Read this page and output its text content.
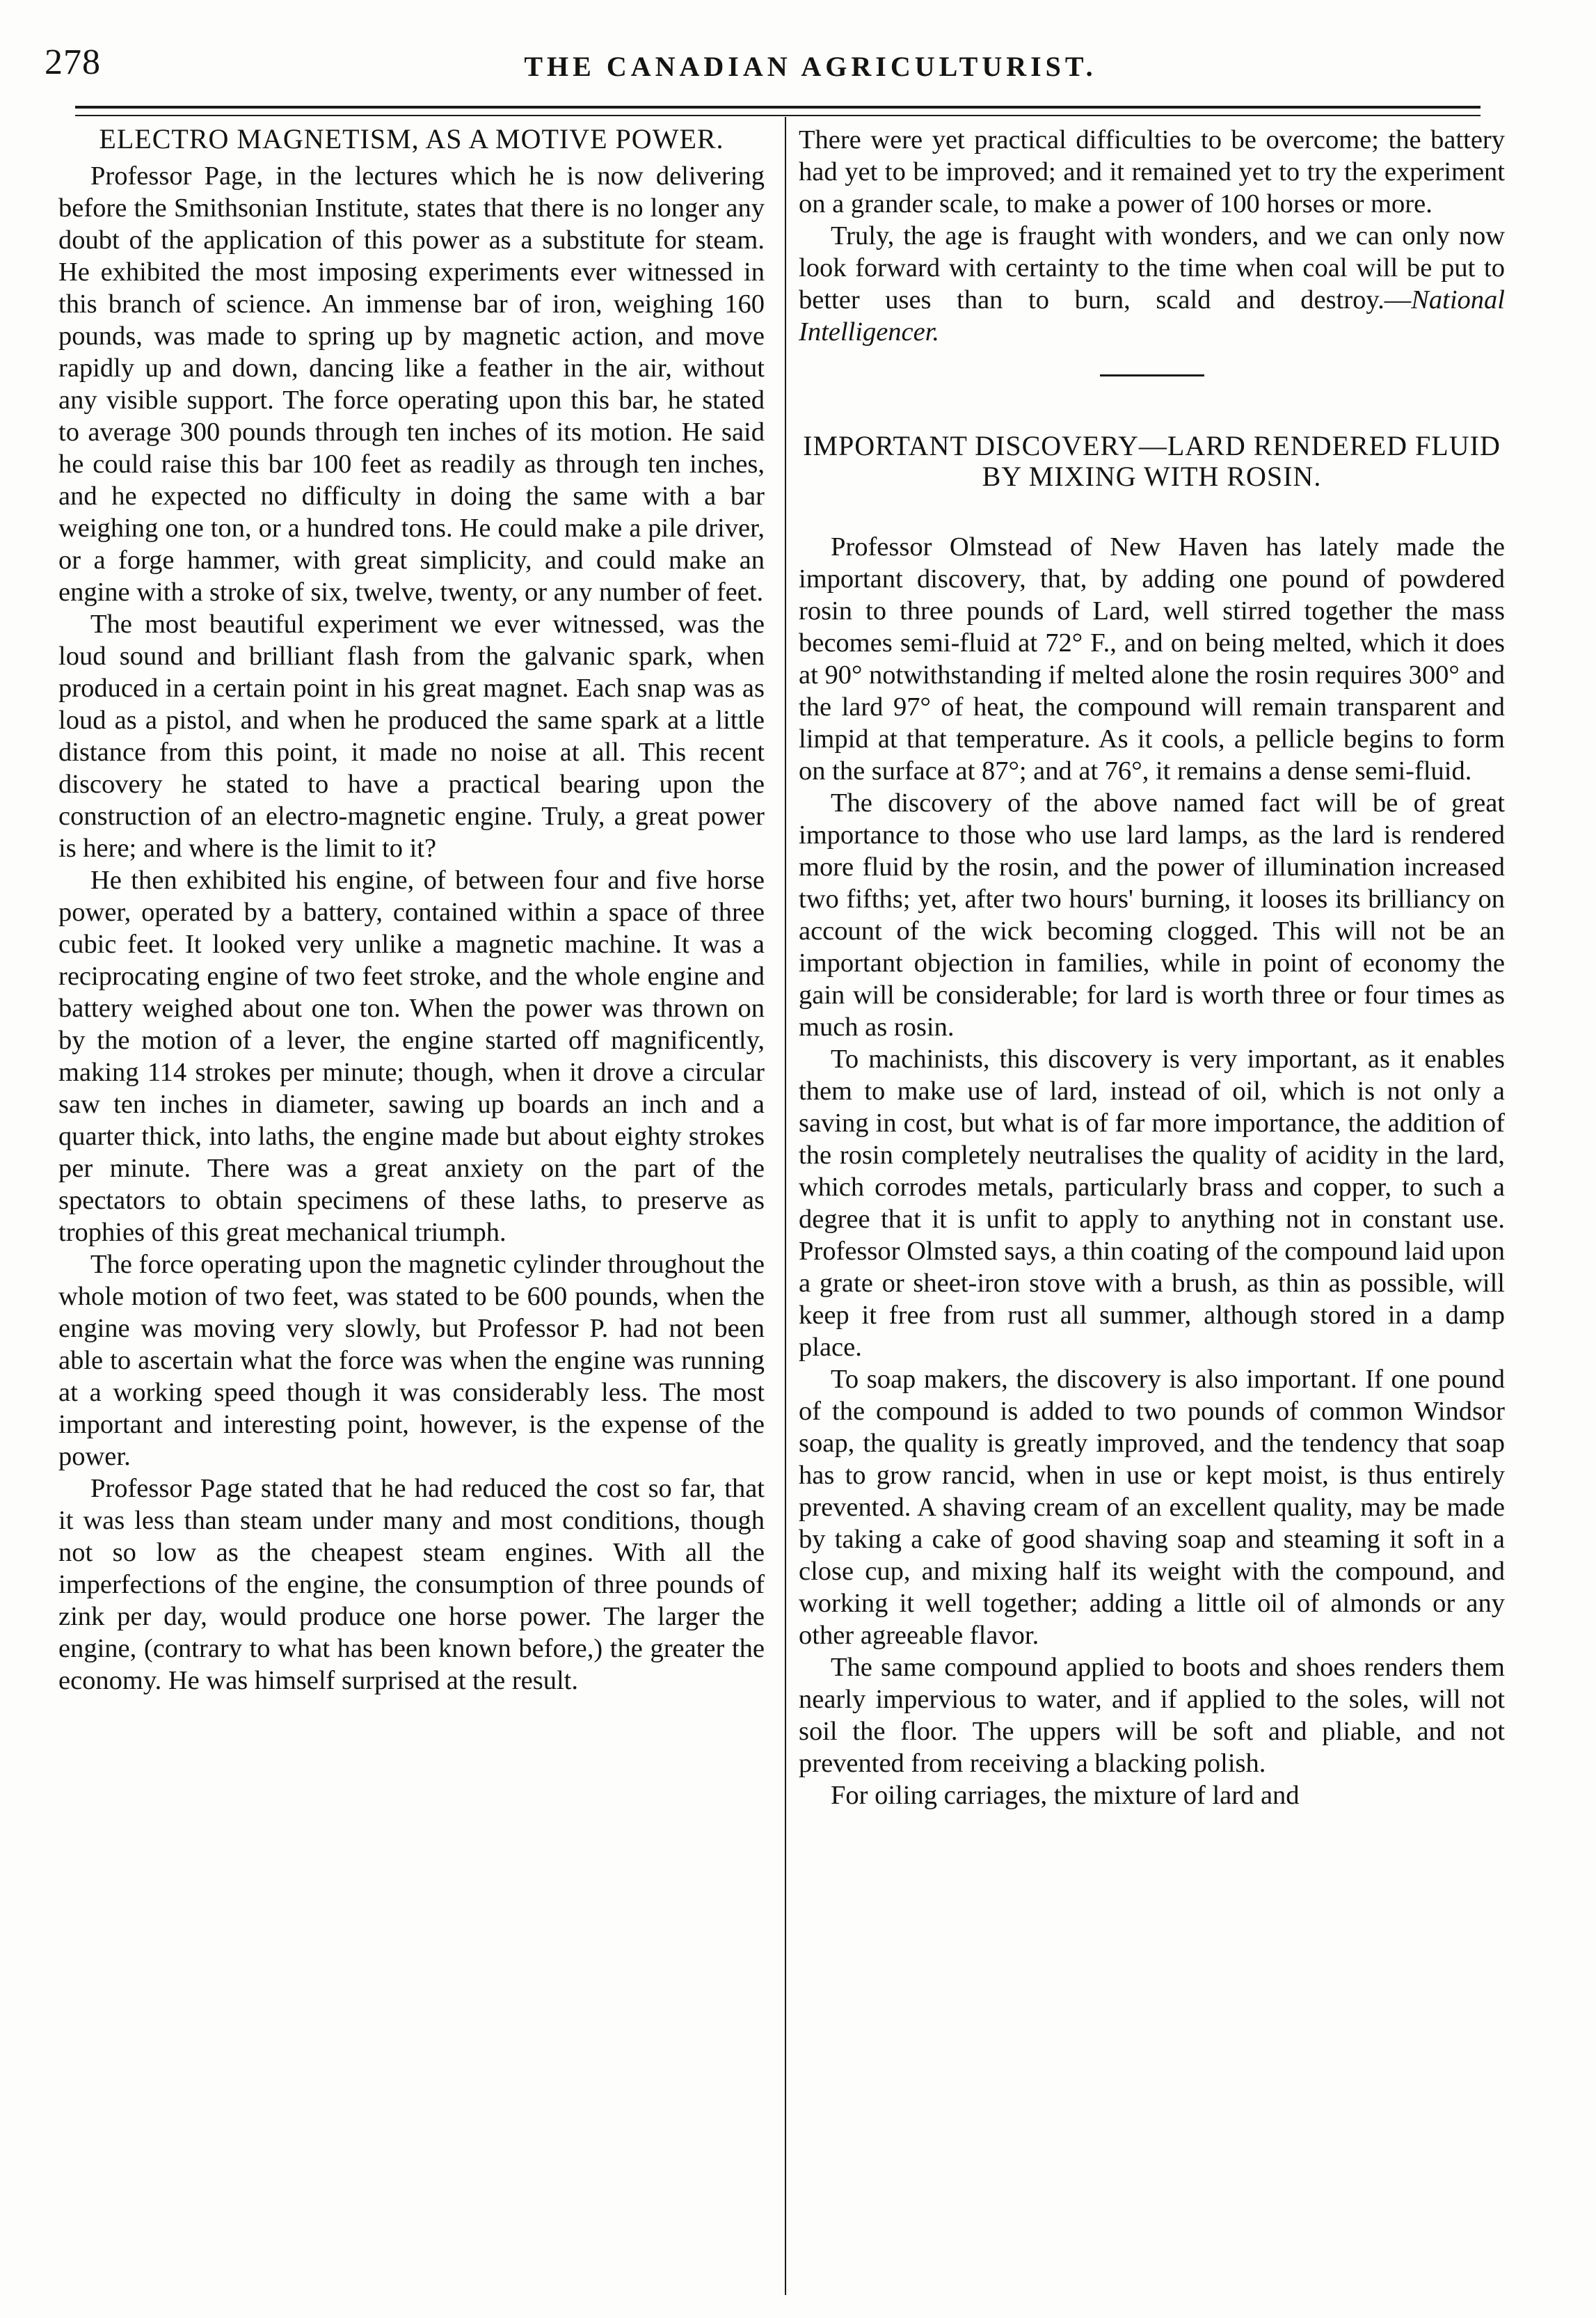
278	THE CANADIAN AGRICULTURIST.
ELECTRO MAGNETISM, AS A MOTIVE POWER.

Professor Page, in the lectures which he is now delivering before the Smithsonian Institute, states that there is no longer any doubt of the application of this power as a substitute for steam. He exhibited the most imposing experiments ever witnessed in this branch of science. An immense bar of iron, weighing 160 pounds, was made to spring up by magnetic action, and move rapidly up and down, dancing like a feather in the air, without any visible support. The force operating upon this bar, he stated to average 300 pounds through ten inches of its motion. He said he could raise this bar 100 feet as readily as through ten inches, and he expected no difficulty in doing the same with a bar weighing one ton, or a hundred tons. He could make a pile driver, or a forge hammer, with great simplicity, and could make an engine with a stroke of six, twelve, twenty, or any number of feet.

The most beautiful experiment we ever witnessed, was the loud sound and brilliant flash from the galvanic spark, when produced in a certain point in his great magnet. Each snap was as loud as a pistol, and when he produced the same spark at a little distance from this point, it made no noise at all. This recent discovery he stated to have a practical bearing upon the construction of an electro-magnetic engine. Truly, a great power is here; and where is the limit to it?

He then exhibited his engine, of between four and five horse power, operated by a battery, contained within a space of three cubic feet. It looked very unlike a magnetic machine. It was a reciprocating engine of two feet stroke, and the whole engine and battery weighed about one ton. When the power was thrown on by the motion of a lever, the engine started off magnificently, making 114 strokes per minute; though, when it drove a circular saw ten inches in diameter, sawing up boards an inch and a quarter thick, into laths, the engine made but about eighty strokes per minute. There was a great anxiety on the part of the spectators to obtain specimens of these laths, to preserve as trophies of this great mechanical triumph.

The force operating upon the magnetic cylinder throughout the whole motion of two feet, was stated to be 600 pounds, when the engine was moving very slowly, but Professor P. had not been able to ascertain what the force was when the engine was running at a working speed though it was considerably less. The most important and interesting point, however, is the expense of the power.

Professor Page stated that he had reduced the cost so far, that it was less than steam under many and most conditions, though not so low as the cheapest steam engines. With all the imperfections of the engine, the consumption of three pounds of zink per day, would produce one horse power. The larger the engine, (contrary to what has been known before,) the greater the economy. He was himself surprised at the result.

There were yet practical difficulties to be overcome; the battery had yet to be improved; and it remained yet to try the experiment on a grander scale, to make a power of 100 horses or more.

Truly, the age is fraught with wonders, and we can only now look forward with certainty to the time when coal will be put to better uses than to burn, scald and destroy.—National Intelligencer.

IMPORTANT DISCOVERY—LARD RENDERED FLUID BY MIXING WITH ROSIN.

Professor Olmstead of New Haven has lately made the important discovery, that, by adding one pound of powdered rosin to three pounds of Lard, well stirred together the mass becomes semi-fluid at 72° F., and on being melted, which it does at 90° notwithstanding if melted alone the rosin requires 300° and the lard 97° of heat, the compound will remain transparent and limpid at that temperature. As it cools, a pellicle begins to form on the surface at 87°; and at 76°, it remains a dense semi-fluid.

The discovery of the above named fact will be of great importance to those who use lard lamps, as the lard is rendered more fluid by the rosin, and the power of illumination increased two fifths; yet, after two hours' burning, it looses its brilliancy on account of the wick becoming clogged. This will not be an important objection in families, while in point of economy the gain will be considerable; for lard is worth three or four times as much as rosin.

To machinists, this discovery is very important, as it enables them to make use of lard, instead of oil, which is not only a saving in cost, but what is of far more importance, the addition of the rosin completely neutralises the quality of acidity in the lard, which corrodes metals, particularly brass and copper, to such a degree that it is unfit to apply to anything not in constant use. Professor Olmsted says, a thin coating of the compound laid upon a grate or sheet-iron stove with a brush, as thin as possible, will keep it free from rust all summer, although stored in a damp place.

To soap makers, the discovery is also important. If one pound of the compound is added to two pounds of common Windsor soap, the quality is greatly improved, and the tendency that soap has to grow rancid, when in use or kept moist, is thus entirely prevented. A shaving cream of an excellent quality, may be made by taking a cake of good shaving soap and steaming it soft in a close cup, and mixing half its weight with the compound, and working it well together; adding a little oil of almonds or any other agreeable flavor.

The same compound applied to boots and shoes renders them nearly impervious to water, and if applied to the soles, will not soil the floor. The uppers will be soft and pliable, and not prevented from receiving a blacking polish.

For oiling carriages, the mixture of lard and
